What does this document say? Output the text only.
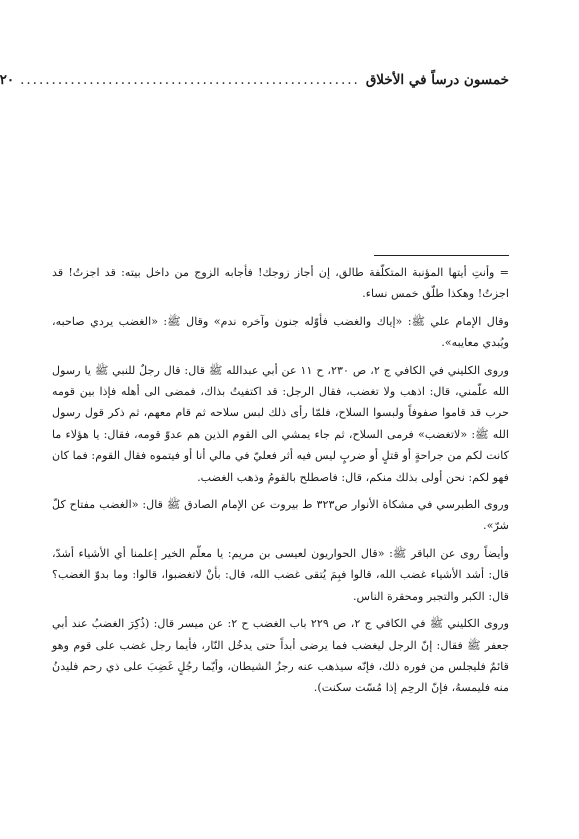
خمسون درساً في الأخلاق
......................................................
٢٠

= وأنتِ أيتها المؤنبة المتكلّفة طالق، إن أجاز زوجك! فأجابه الزوج من داخل بيته: قد اجزتُ! قد اجزتُ! وهكذا طلّق خمس نساء.

وقال الإمام علي ﷺ: «إياك والغضب فأوّله جنون وآخره ندم» وقال ﷺ: «الغضب يردي صاحبه، ويُبدي معايبه».

وروى الكليني في الكافي ج ٢، ص ٢٣٠، ح ١١ عن أبي عبدالله ﷺ قال: قال رجلٌ للنبي ﷺ يا رسول الله علّمني، قال: اذهب ولا تغضب، فقال الرجل: قد اكتفيتُ بذاك، فمضى الى أهله فإذا بين قومه حرب قد قاموا صفوفاً ولبسوا السلاح، فلمّا رأى ذلك لبس سلاحه ثم قام معهم، ثم ذكر قول رسول الله ﷺ: «لاتغضب» فرمى السلاح، ثم جاء يمشي الى القوم الذين هم عدوّ قومه، فقال: يا هؤلاء ما كانت لكم من جراحةٍ أو قتلٍ أو ضربٍ ليس فيه أثر فعليّ في مالي أنا أو فيتموه فقال القوم: فما كان فهو لكم: نحن أولى بذلك منكم، قال: فاصطلح بالقومُ وذهب الغضب.

وروى الطبرسي في مشكاة الأنوار ص٣٢٣ ط بيروت عن الإمام الصادق ﷺ قال: «الغضب مفتاح كلّ شرّ».

وأيضاً روى عن الباقر ﷺ: «قال الحواريون لعيسى بن مريم: يا معلّم الخير إعلمنا أي الأشياء أشدّ، قال: أشد الأشياء غضب الله، قالوا فبِمَ يُتقى غضب الله، قال: بأنْ لاتغضبوا، قالوا: وما بدوّ الغضب؟ قال: الكبر والتجبر ومحقرة الناس.

وروى الكليني ﷺ في الكافي ج ٢، ص ٢٢٩ باب الغضب ح ٢: عن ميسر قال: (ذُكِرَ الغضبُ عند أبي جعفر ﷺ فقال: إنّ الرجل ليغضب فما يرضى أبداً حتى يدخُل النّار، فأيما رجل غضب على قوم وهو قائمٌ فليجلس من فوره ذلك، فإنّه سيذهب عنه رجزُ الشيطان، وأيّما رجُلٍ غَضِبَ على ذي رحم فليدنُ منه فليمسهُ، فإنّ الرحِم إذا مُسّت سكنت).
